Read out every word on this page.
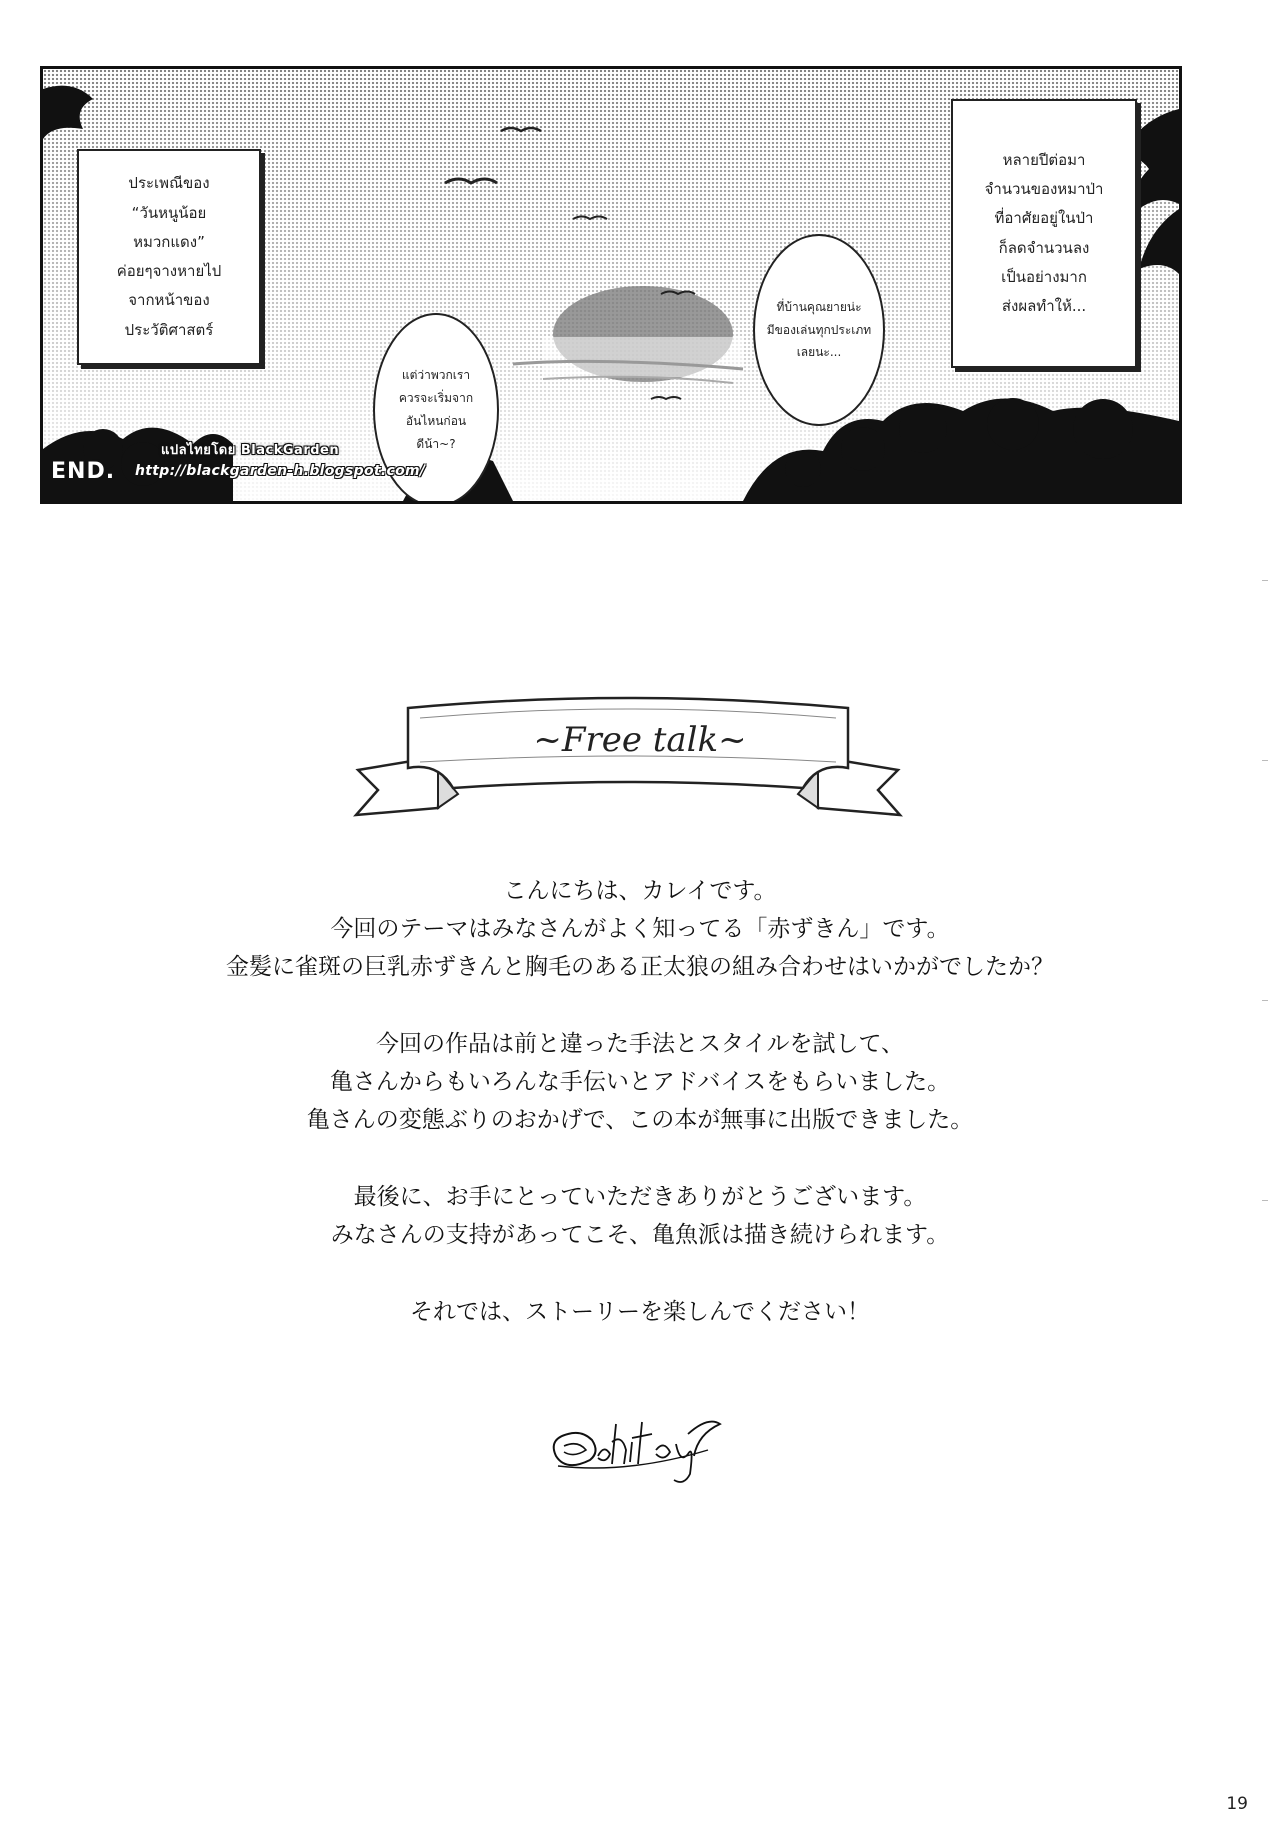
ประเพณีของ
“วันหนูน้อย
หมวกแดง”
ค่อยๆจางหายไป
จากหน้าของ
ประวัติศาสตร์
หลายปีต่อมา
จำนวนของหมาป่า
ที่อาศัยอยู่ในป่า
ก็ลดจำนวนลง
เป็นอย่างมาก
ส่งผลทำให้...
แต่ว่าพวกเรา
ควรจะเริ่มจาก
อันไหนก่อน
ดีน้า~?
ที่บ้านคุณยายน่ะ
มีของเล่นทุกประเภท
เลยนะ...
แปลไทยโดย BlackGarden
END. http://blackgarden-h.blogspot.com/
~Free talk~
こんにちは、カレイです。
今回のテーマはみなさんがよく知ってる「赤ずきん」です。
金髪に雀斑の巨乳赤ずきんと胸毛のある正太狼の組み合わせはいかがでしたか？
今回の作品は前と違った手法とスタイルを試して、
亀さんからもいろんな手伝いとアドバイスをもらいました。
亀さんの変態ぶりのおかげで、この本が無事に出版できました。
最後に、お手にとっていただきありがとうございます。
みなさんの支持があってこそ、亀魚派は描き続けられます。
それでは、ストーリーを楽しんでください！
19
